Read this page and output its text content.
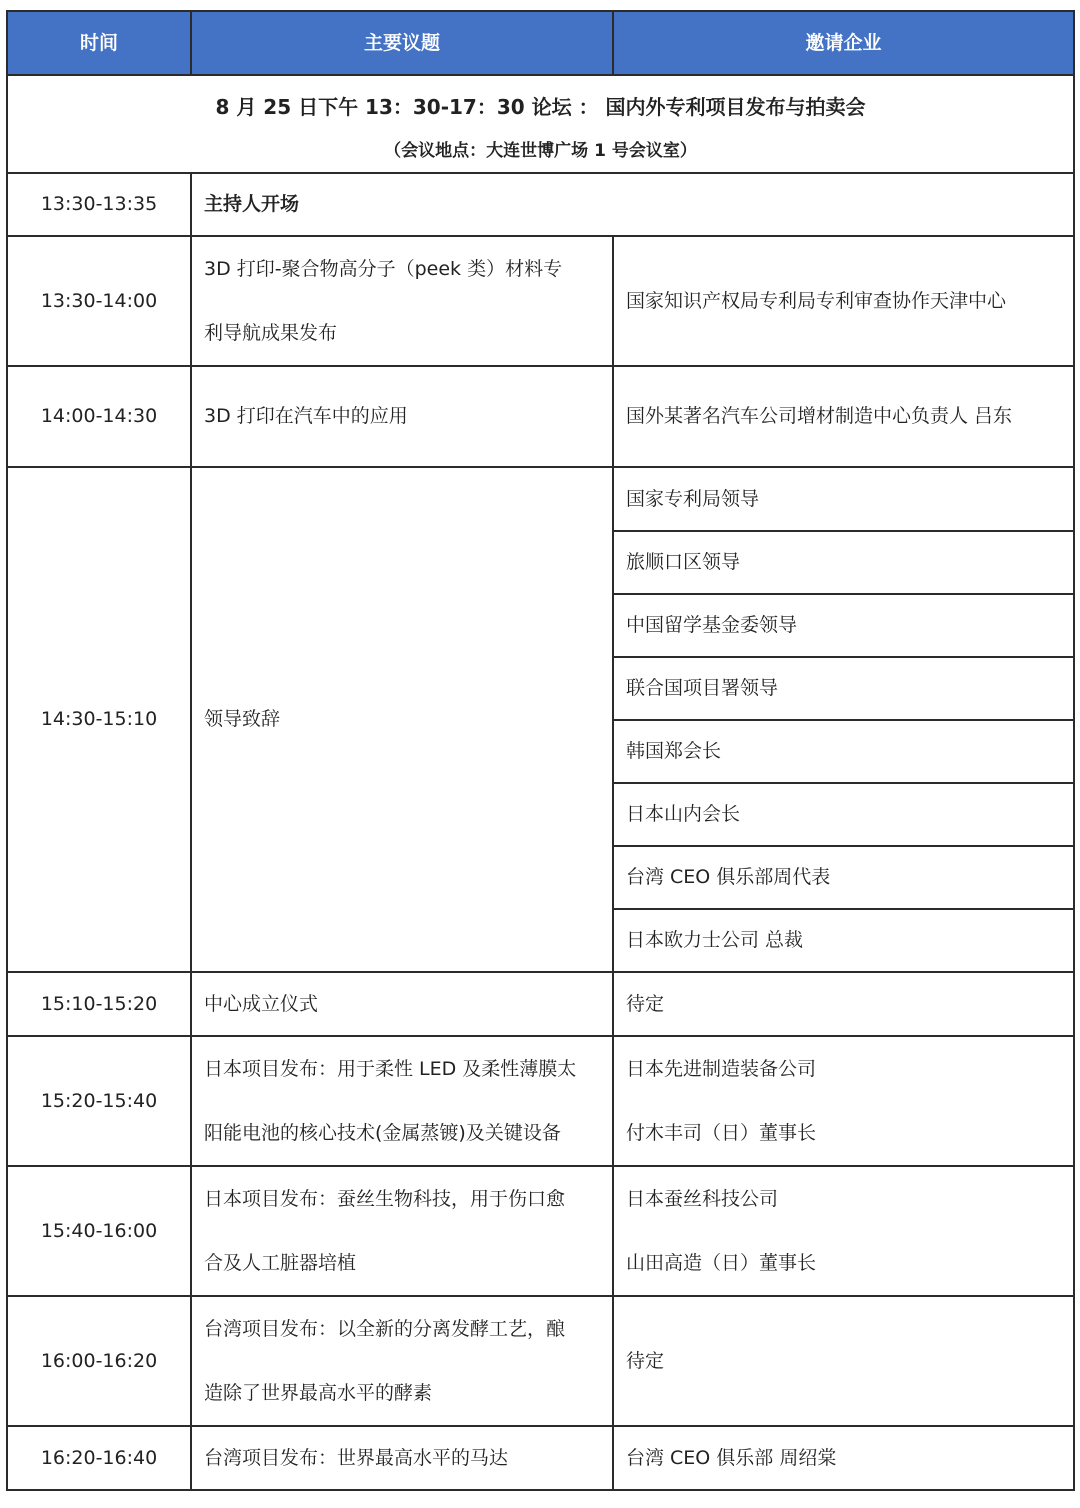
时间	主要议题	邀请企业

8 月 25 日下午 13：30-17：30 论坛 ： 国内外专利项目发布与拍卖会
（会议地点：大连世博广场 1 号会议室）		

13:30-13:35	主持人开场	
13:30-14:00	3D 打印-聚合物高分子（peek 类）材料专
利导航成果发布	国家知识产权局专利局专利审查协作天津中心
14:00-14:30	3D 打印在汽车中的应用	国外某著名汽车公司增材制造中心负责人 吕东
14:30-15:10	领导致辞	国家专利局领导
		旅顺口区领导
		中国留学基金委领导
		联合国项目署领导
		韩国郑会长
		日本山内会长
		台湾 CEO 俱乐部周代表
		日本欧力士公司 总裁
15:10-15:20	中心成立仪式	待定
15:20-15:40	日本项目发布：用于柔性 LED 及柔性薄膜太
阳能电池的核心技术(金属蒸镀)及关键设备	日本先进制造装备公司
付木丰司（日）董事长

15:40-16:00	日本项目发布：蚕丝生物科技，用于伤口愈
合及人工脏器培植	日本蚕丝科技公司
山田高造（日）董事长

16:00-16:20	台湾项目发布：以全新的分离发酵工艺，酿
造除了世界最高水平的酵素	待定
16:20-16:40	台湾项目发布：世界最高水平的马达	台湾 CEO 俱乐部 周绍棠
